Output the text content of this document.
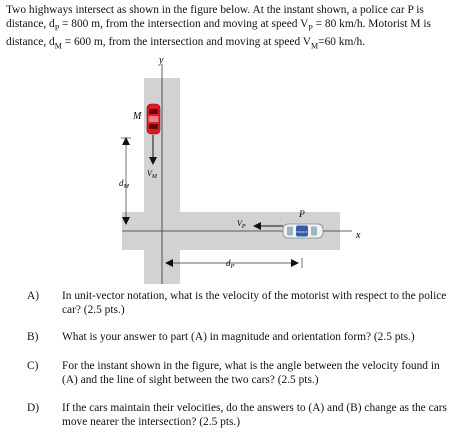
Two highways intersect as shown in the figure below. At the instant shown, a police car P is
distance, $d_P = 800$ m, from the intersection and moving at speed $V_P = 80$ km/h. Motorist M is
distance, $d_M = 600$ m, from the intersection and moving at speed $V_M=60$ km/h.
y
x
M
$V_M$
$d_M$
POLICE
P
$V_P$
$d_P$
A) In unit-vector notation, what is the velocity of the motorist with respect to the police
car? (2.5 pts.)
B) What is your answer to part (A) in magnitude and orientation form? (2.5 pts.)
C) For the instant shown in the figure, what is the angle between the velocity found in
(A) and the line of sight between the two cars? (2.5 pts.)
D) If the cars maintain their velocities, do the answers to (A) and (B) change as the cars
move nearer the intersection? (2.5 pts.)
